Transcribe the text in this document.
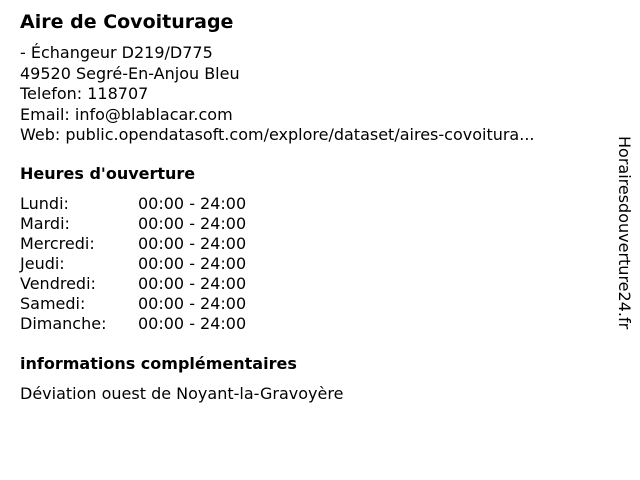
Aire de Covoiturage
- Échangeur D219/D775
49520 Segré-En-Anjou Bleu
Telefon: 118707
Email: info@blablacar.com
Web: public.opendatasoft.com/explore/dataset/aires-covoitura...
Heures d'ouverture
Lundi:	00:00 - 24:00
Mardi:	00:00 - 24:00
Mercredi:	00:00 - 24:00
Jeudi:	00:00 - 24:00
Vendredi:	00:00 - 24:00
Samedi:	00:00 - 24:00
Dimanche: 00:00 - 24:00
informations complémentaires
Déviation ouest de Noyant-la-Gravoyère
Horairesdouverture24.fr
